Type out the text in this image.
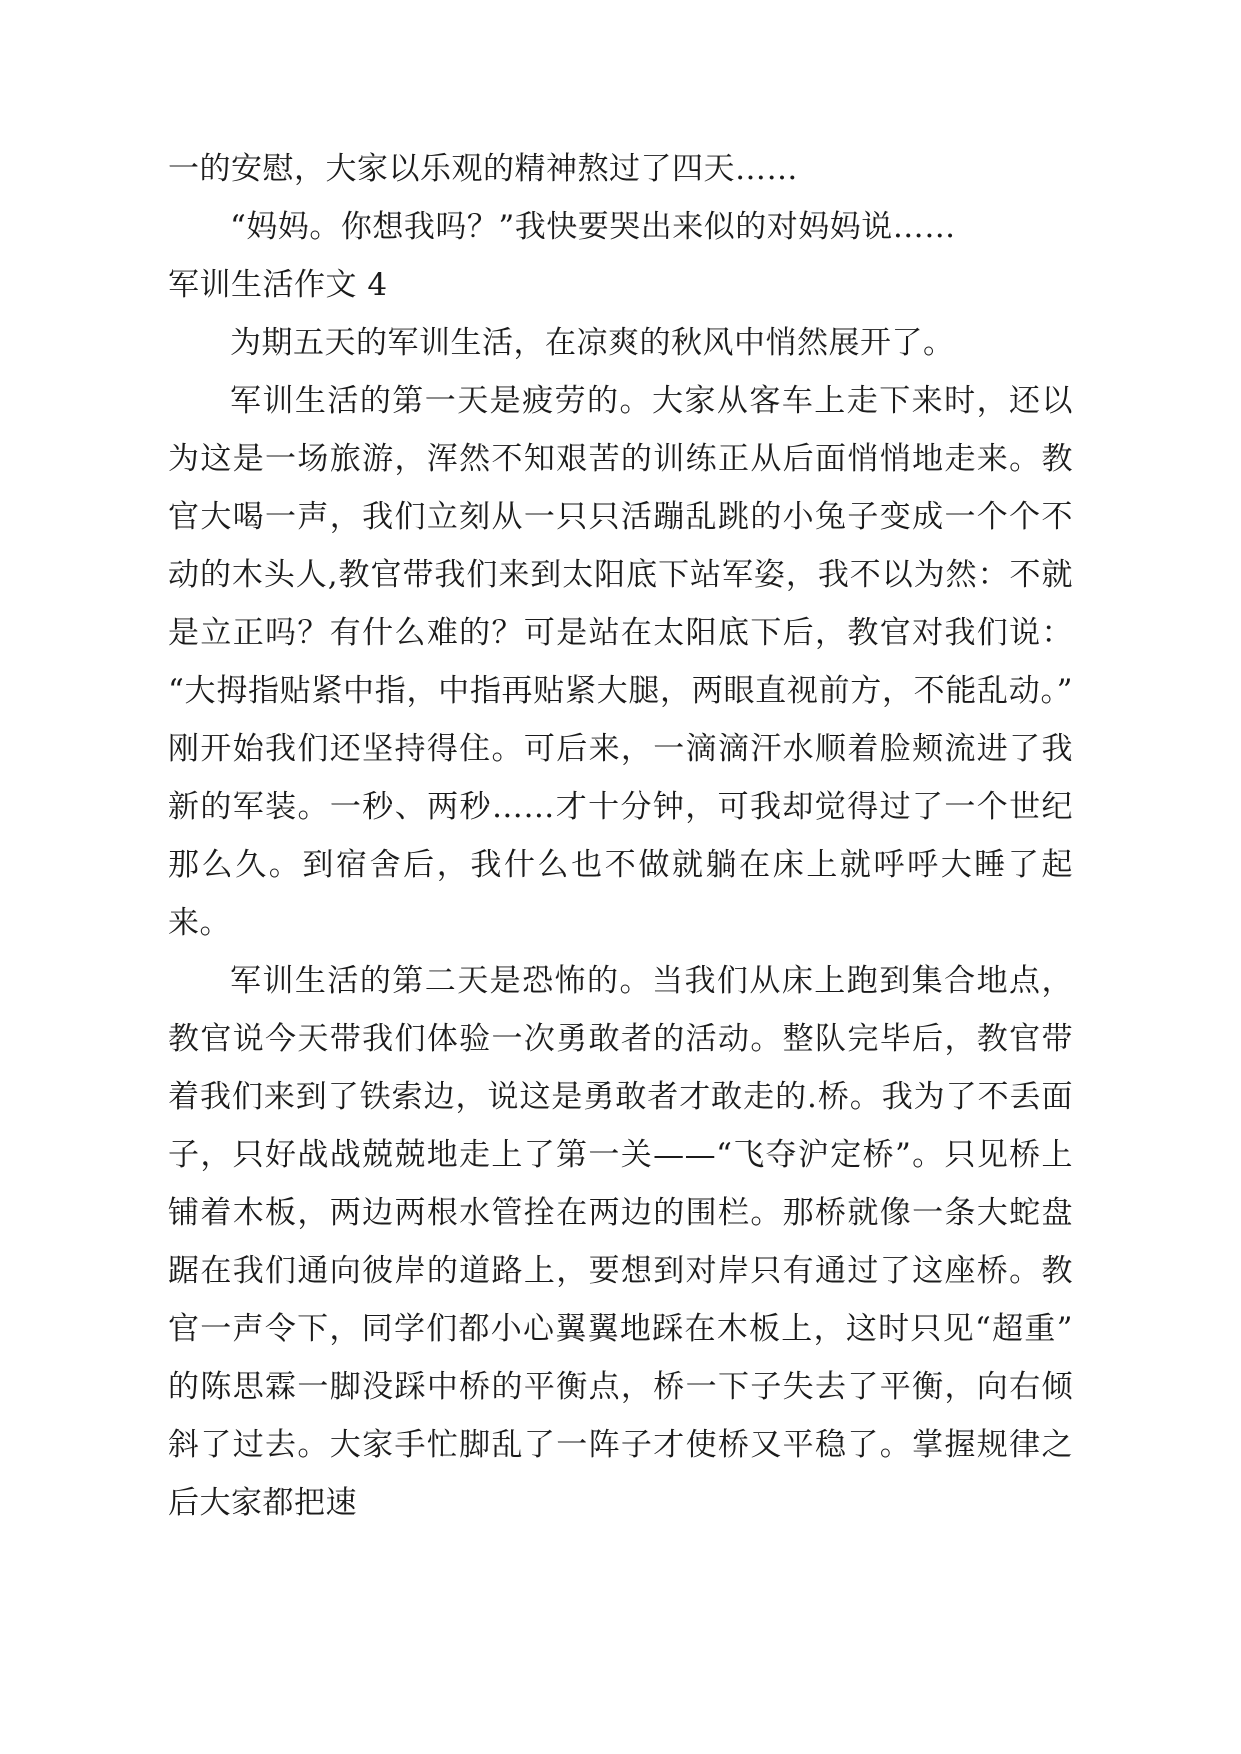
一的安慰，大家以乐观的精神熬过了四天……

“妈妈。你想我吗？”我快要哭出来似的对妈妈说……

军训生活作文 4

为期五天的军训生活，在凉爽的秋风中悄然展开了。

军训生活的第一天是疲劳的。大家从客车上走下来时，还以为这是一场旅游，浑然不知艰苦的训练正从后面悄悄地走来。教官大喝一声，我们立刻从一只只活蹦乱跳的小兔子变成一个个不动的木头人,教官带我们来到太阳底下站军姿，我不以为然：不就是立正吗？有什么难的？可是站在太阳底下后，教官对我们说：“大拇指贴紧中指，中指再贴紧大腿，两眼直视前方，不能乱动。”刚开始我们还坚持得住。可后来，一滴滴汗水顺着脸颊流进了我新的军装。一秒、两秒……才十分钟，可我却觉得过了一个世纪那么久。到宿舍后，我什么也不做就躺在床上就呼呼大睡了起来。

军训生活的第二天是恐怖的。当我们从床上跑到集合地点，教官说今天带我们体验一次勇敢者的活动。整队完毕后，教官带着我们来到了铁索边，说这是勇敢者才敢走的.桥。我为了不丢面子，只好战战兢兢地走上了第一关——“飞夺沪定桥”。只见桥上铺着木板，两边两根水管拴在两边的围栏。那桥就像一条大蛇盘踞在我们通向彼岸的道路上，要想到对岸只有通过了这座桥。教官一声令下，同学们都小心翼翼地踩在木板上，这时只见“超重”的陈思霖一脚没踩中桥的平衡点，桥一下子失去了平衡，向右倾斜了过去。大家手忙脚乱了一阵子才使桥又平稳了。掌握规律之后大家都把速
